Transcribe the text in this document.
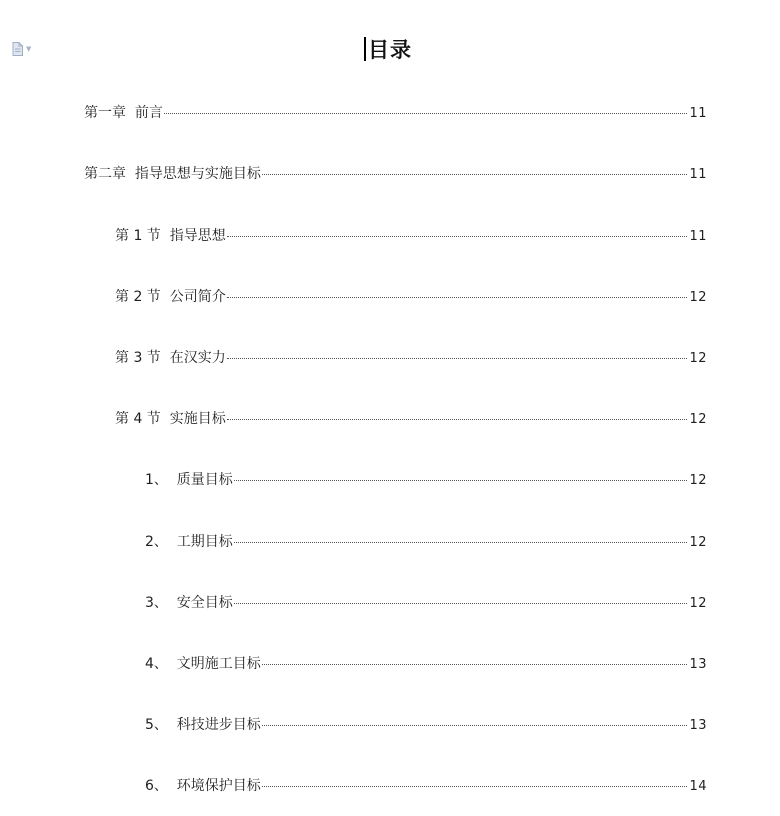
▼	目录
第一章  前言	11
第二章  指导思想与实施目标	11
第 1 节  指导思想	11
第 2 节  公司简介	12
第 3 节  在汉实力	12
第 4 节  实施目标	12
1、  质量目标	12
2、  工期目标	12
3、  安全目标	12
4、  文明施工目标	13
5、  科技进步目标	13
6、  环境保护目标	14
